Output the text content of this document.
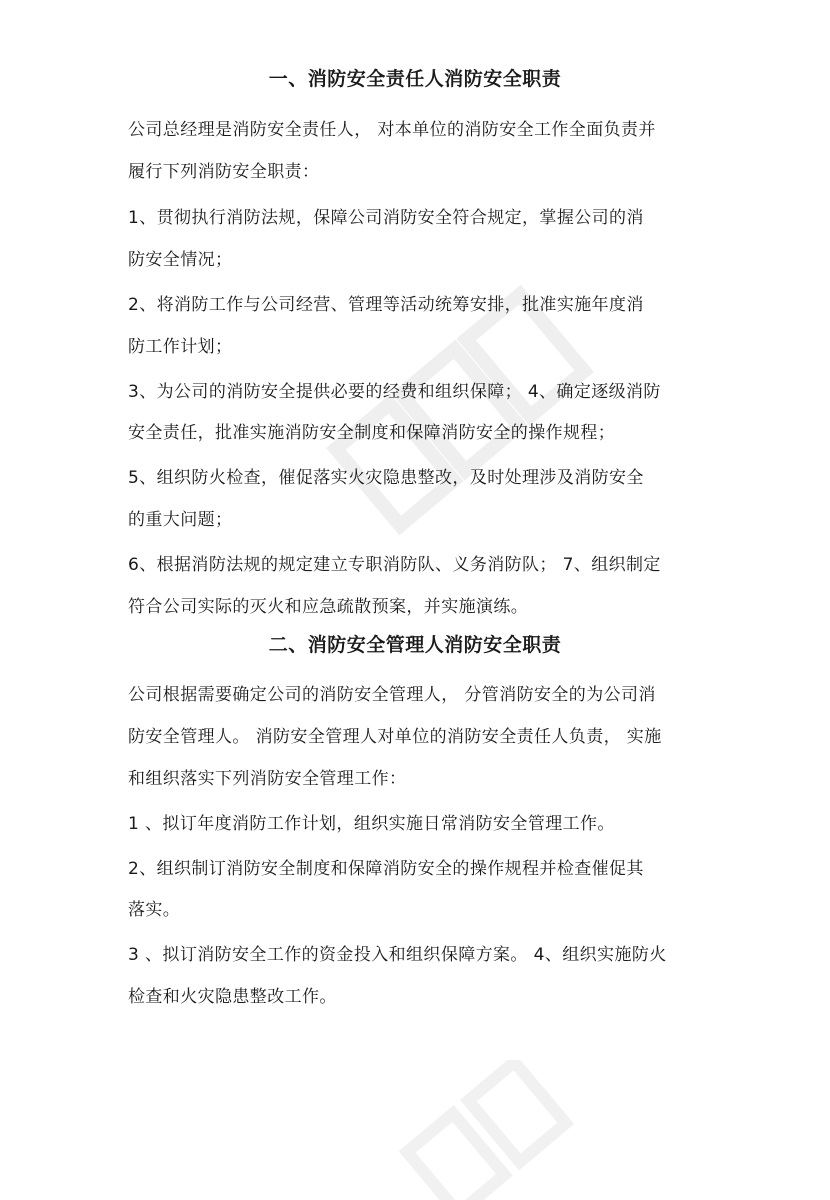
一、消防安全责任人消防安全职责
公司总经理是消防安全责任人， 对本单位的消防安全工作全面负责并
履行下列消防安全职责：
1、贯彻执行消防法规，保障公司消防安全符合规定，掌握公司的消
防安全情况；
2、将消防工作与公司经营、管理等活动统筹安排，批准实施年度消
防工作计划；
3、为公司的消防安全提供必要的经费和组织保障； 4、确定逐级消防
安全责任，批准实施消防安全制度和保障消防安全的操作规程；
5、组织防火检查，催促落实火灾隐患整改，及时处理涉及消防安全
的重大问题；
6、根据消防法规的规定建立专职消防队、义务消防队； 7、组织制定
符合公司实际的灭火和应急疏散预案，并实施演练。
二、消防安全管理人消防安全职责
公司根据需要确定公司的消防安全管理人， 分管消防安全的为公司消
防安全管理人。 消防安全管理人对单位的消防安全责任人负责， 实施
和组织落实下列消防安全管理工作：
1 、拟订年度消防工作计划，组织实施日常消防安全管理工作。
2、组织制订消防安全制度和保障消防安全的操作规程并检查催促其
落实。
3 、拟订消防安全工作的资金投入和组织保障方案。 4、组织实施防火
检查和火灾隐患整改工作。
